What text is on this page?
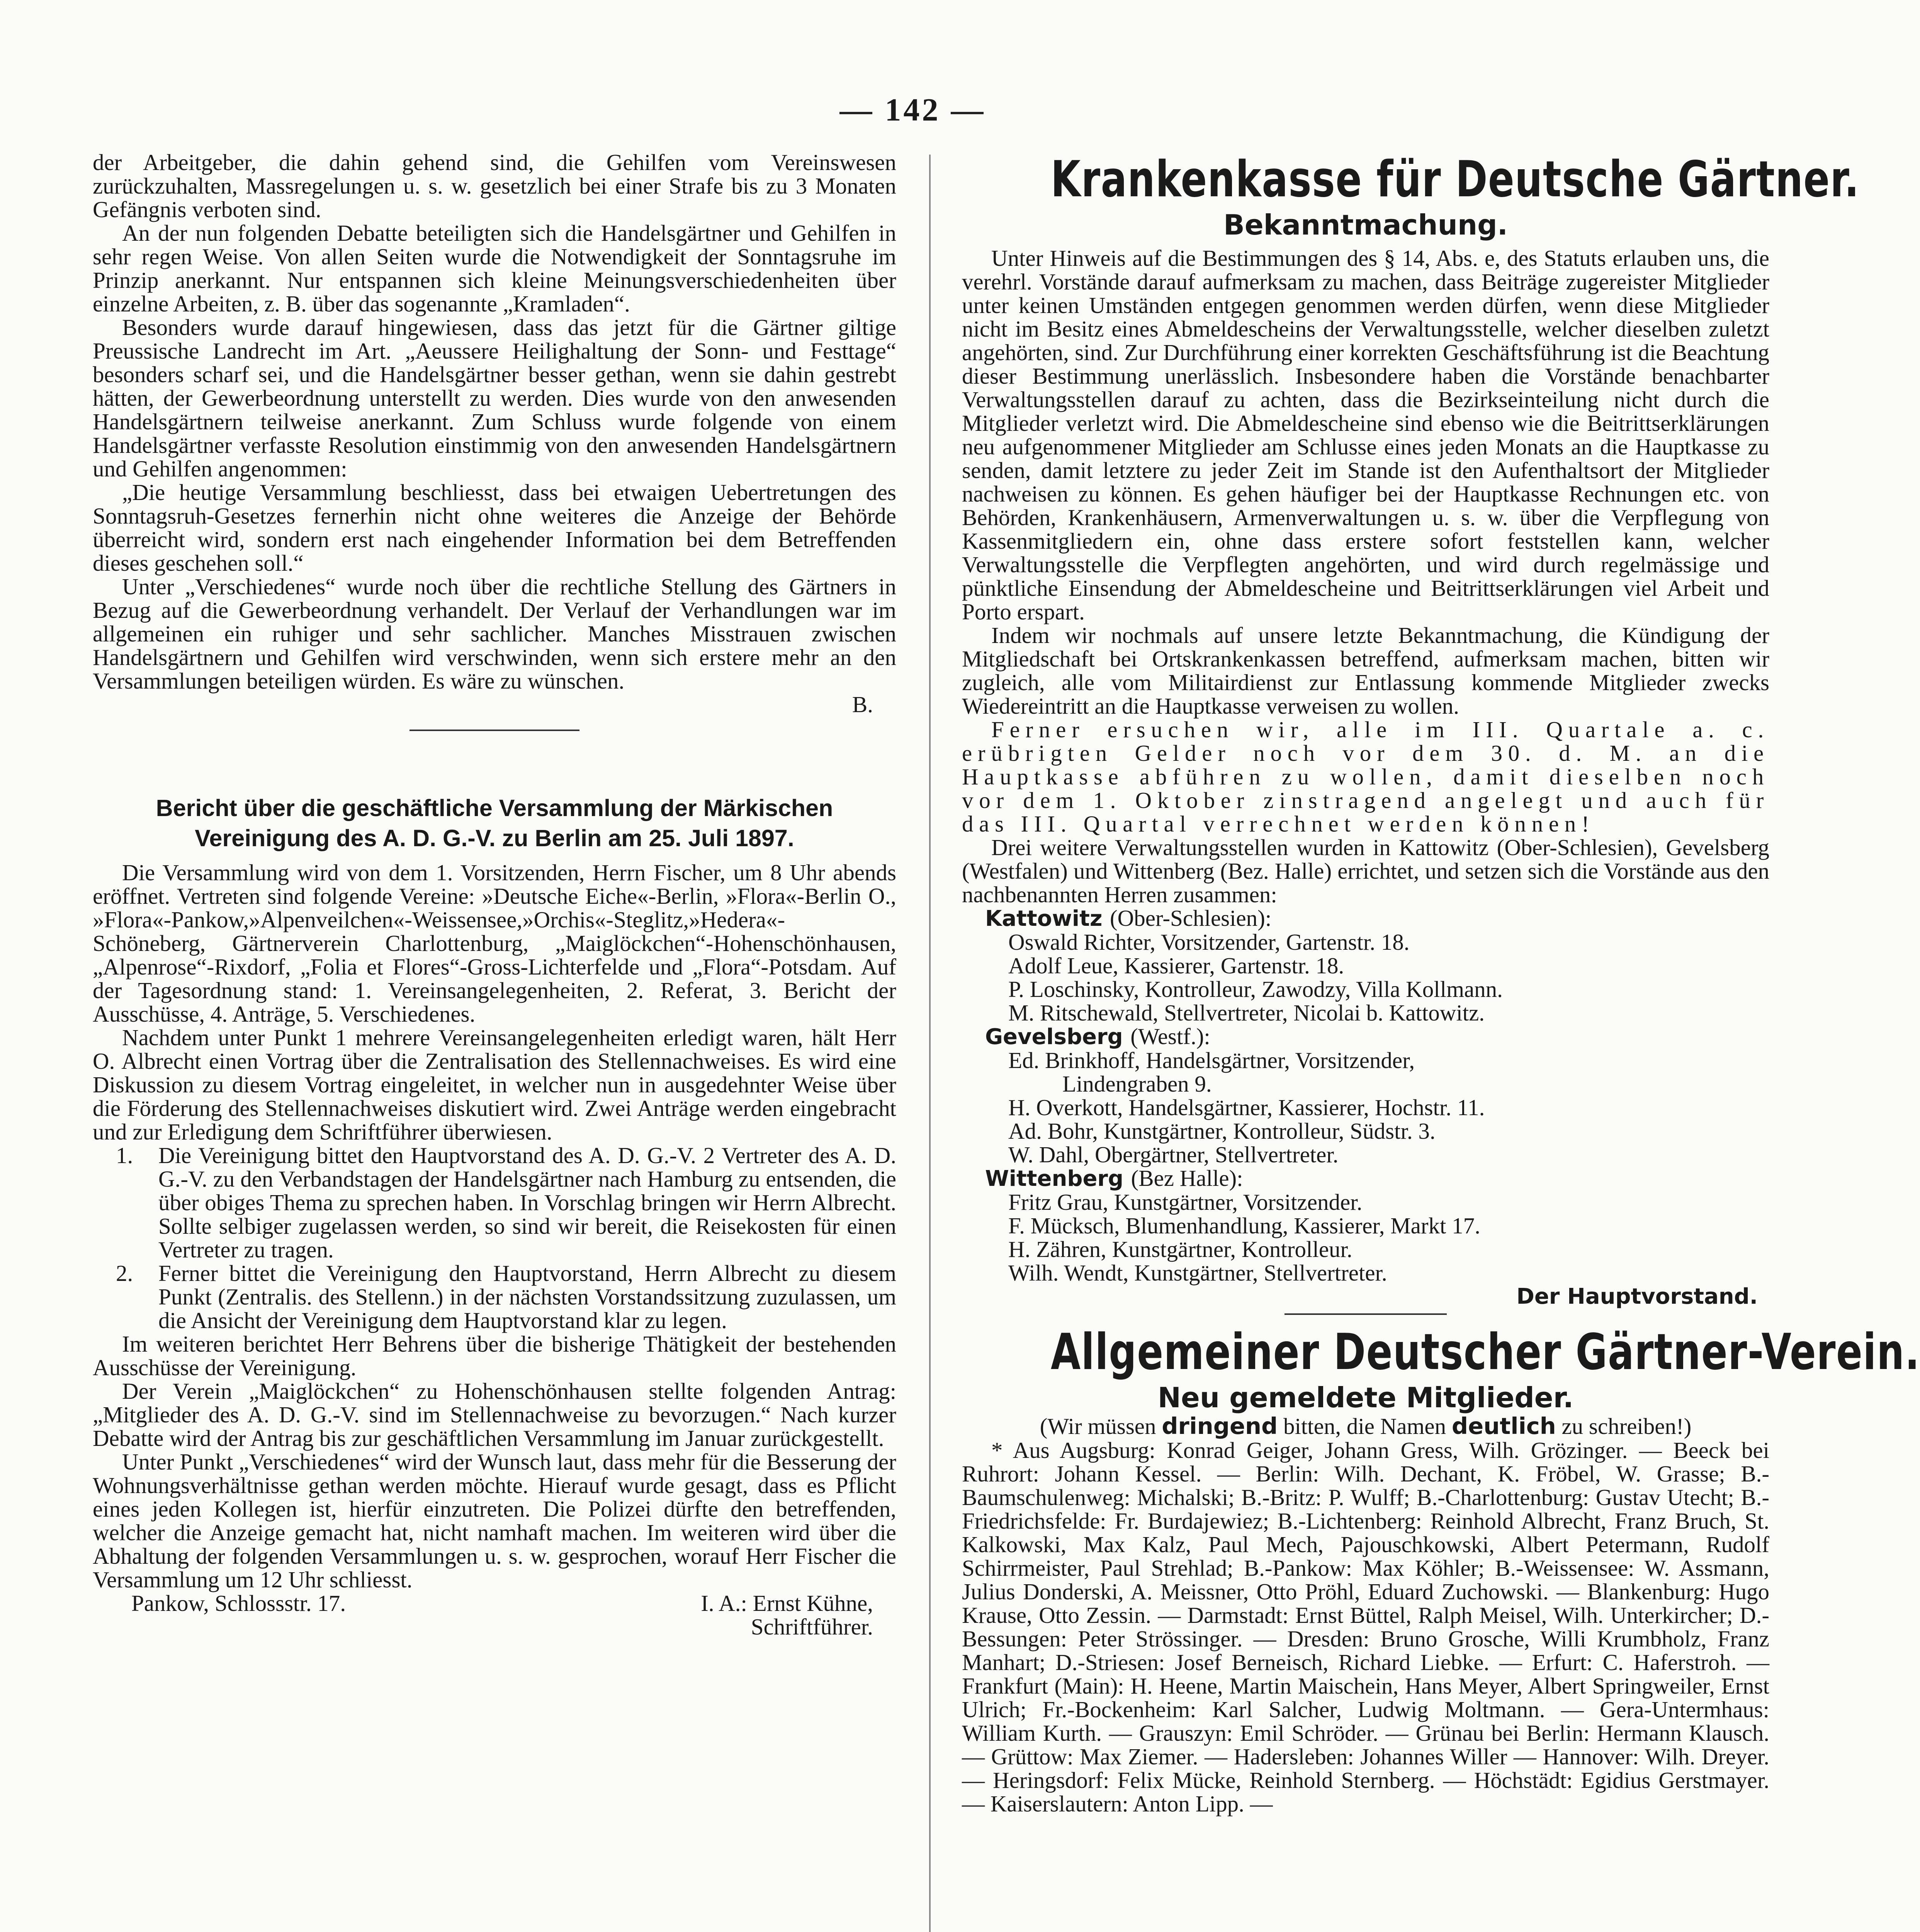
— 142 —

der Arbeitgeber, die dahin gehend sind, die Gehilfen vom Vereinswesen zurückzuhalten, Massregelungen u. s. w. gesetzlich bei einer Strafe bis zu 3 Monaten Gefängnis verboten sind.

An der nun folgenden Debatte beteiligten sich die Handelsgärtner und Gehilfen in sehr regen Weise. Von allen Seiten wurde die Notwendigkeit der Sonntagsruhe im Prinzip anerkannt. Nur entspannen sich kleine Meinungsverschiedenheiten über einzelne Arbeiten, z. B. über das sogenannte „Kramladen“.

Besonders wurde darauf hingewiesen, dass das jetzt für die Gärtner giltige Preussische Landrecht im Art. „Aeussere Heilighaltung der Sonn- und Festtage“ besonders scharf sei, und die Handelsgärtner besser gethan, wenn sie dahin gestrebt hätten, der Gewerbeordnung unterstellt zu werden. Dies wurde von den anwesenden Handelsgärtnern teilweise anerkannt. Zum Schluss wurde folgende von einem Handelsgärtner verfasste Resolution einstimmig von den anwesenden Handelsgärtnern und Gehilfen angenommen:

„Die heutige Versammlung beschliesst, dass bei etwaigen Uebertretungen des Sonntagsruh-Gesetzes fernerhin nicht ohne weiteres die Anzeige der Behörde überreicht wird, sondern erst nach eingehender Information bei dem Betreffenden dieses geschehen soll.“

Unter „Verschiedenes“ wurde noch über die rechtliche Stellung des Gärtners in Bezug auf die Gewerbeordnung verhandelt. Der Verlauf der Verhandlungen war im allgemeinen ein ruhiger und sehr sachlicher. Manches Misstrauen zwischen Handelsgärtnern und Gehilfen wird verschwinden, wenn sich erstere mehr an den Versammlungen beteiligen würden. Es wäre zu wünschen.

B.
Bericht über die geschäftliche Versammlung der Märkischen Vereinigung des A. D. G.-V. zu Berlin am 25. Juli 1897.

Die Versammlung wird von dem 1. Vorsitzenden, Herrn Fischer, um 8 Uhr abends eröffnet. Vertreten sind folgende Vereine: »Deutsche Eiche«-Berlin, »Flora«-Berlin O., »Flora«-Pankow,»Alpenveilchen«-Weissensee,»Orchis«-Steglitz,»Hedera«-Schöneberg, Gärtnerverein Charlottenburg, „Maiglöckchen“-Hohenschönhausen, „Alpenrose“-Rixdorf, „Folia et Flores“-Gross-Lichterfelde und „Flora“-Potsdam. Auf der Tagesordnung stand: 1. Vereinsangelegenheiten, 2. Referat, 3. Bericht der Ausschüsse, 4. Anträge, 5. Verschiedenes.

Nachdem unter Punkt 1 mehrere Vereinsangelegenheiten erledigt waren, hält Herr O. Albrecht einen Vortrag über die Zentralisation des Stellennachweises. Es wird eine Diskussion zu diesem Vortrag eingeleitet, in welcher nun in ausgedehnter Weise über die Förderung des Stellennachweises diskutiert wird. Zwei Anträge werden eingebracht und zur Erledigung dem Schriftführer überwiesen.

1.	Die Vereinigung bittet den Hauptvorstand des A. D. G.-V. 2 Vertreter des A. D. G.-V. zu den Verbandstagen der Handelsgärtner nach Hamburg zu entsenden, die über obiges Thema zu sprechen haben. In Vorschlag bringen wir Herrn Albrecht. Sollte selbiger zugelassen werden, so sind wir bereit, die Reisekosten für einen Vertreter zu tragen.
2.	Ferner bittet die Vereinigung den Hauptvorstand, Herrn Albrecht zu diesem Punkt (Zentralis. des Stellenn.) in der nächsten Vorstandssitzung zuzulassen, um die Ansicht der Vereinigung dem Hauptvorstand klar zu legen.

Im weiteren berichtet Herr Behrens über die bisherige Thätigkeit der bestehenden Ausschüsse der Vereinigung.

Der Verein „Maiglöckchen“ zu Hohenschönhausen stellte folgenden Antrag: „Mitglieder des A. D. G.-V. sind im Stellennachweise zu bevorzugen.“ Nach kurzer Debatte wird der Antrag bis zur geschäftlichen Versammlung im Januar zurückgestellt.

Unter Punkt „Verschiedenes“ wird der Wunsch laut, dass mehr für die Besserung der Wohnungsverhältnisse gethan werden möchte. Hierauf wurde gesagt, dass es Pflicht eines jeden Kollegen ist, hierfür einzutreten. Die Polizei dürfte den betreffenden, welcher die Anzeige gemacht hat, nicht namhaft machen. Im weiteren wird über die Abhaltung der folgenden Versammlungen u. s. w. gesprochen, worauf Herr Fischer die Versammlung um 12 Uhr schliesst.

Pankow, Schlossstr. 17.	I. A.: Ernst Kühne,
Schriftführer.
Krankenkasse für Deutsche Gärtner.
Bekanntmachung.

Unter Hinweis auf die Bestimmungen des § 14, Abs. e, des Statuts erlauben uns, die verehrl. Vorstände darauf aufmerksam zu machen, dass Beiträge zugereister Mitglieder unter keinen Umständen entgegen genommen werden dürfen, wenn diese Mitglieder nicht im Besitz eines Abmeldescheins der Verwaltungsstelle, welcher dieselben zuletzt angehörten, sind. Zur Durchführung einer korrekten Geschäftsführung ist die Beachtung dieser Bestimmung unerlässlich. Insbesondere haben die Vorstände benachbarter Verwaltungsstellen darauf zu achten, dass die Bezirkseinteilung nicht durch die Mitglieder verletzt wird. Die Abmeldescheine sind ebenso wie die Beitrittserklärungen neu aufgenommener Mitglieder am Schlusse eines jeden Monats an die Hauptkasse zu senden, damit letztere zu jeder Zeit im Stande ist den Aufenthaltsort der Mitglieder nachweisen zu können. Es gehen häufiger bei der Hauptkasse Rechnungen etc. von Behörden, Krankenhäusern, Armenverwaltungen u. s. w. über die Verpflegung von Kassenmitgliedern ein, ohne dass erstere sofort feststellen kann, welcher Verwaltungsstelle die Verpflegten angehörten, und wird durch regelmässige und pünktliche Einsendung der Abmeldescheine und Beitrittserklärungen viel Arbeit und Porto erspart.

Indem wir nochmals auf unsere letzte Bekanntmachung, die Kündigung der Mitgliedschaft bei Ortskrankenkassen betreffend, aufmerksam machen, bitten wir zugleich, alle vom Militairdienst zur Entlassung kommende Mitglieder zwecks Wiedereintritt an die Hauptkasse verweisen zu wollen.

Ferner ersuchen wir, alle im III. Quartale a. c. erübrigten Gelder noch vor dem 30. d. M. an die Hauptkasse abführen zu wollen, damit dieselben noch vor dem 1. Oktober zinstragend angelegt und auch für das III. Quartal verrechnet werden können!

Drei weitere Verwaltungsstellen wurden in Kattowitz (Ober-Schlesien), Gevelsberg (Westfalen) und Wittenberg (Bez. Halle) errichtet, und setzen sich die Vorstände aus den nachbenannten Herren zusammen:

Kattowitz (Ober-Schlesien):
Oswald Richter, Vorsitzender, Gartenstr. 18.
Adolf Leue, Kassierer, Gartenstr. 18.
P. Loschinsky, Kontrolleur, Zawodzy, Villa Kollmann.
M. Ritschewald, Stellvertreter, Nicolai b. Kattowitz.
Gevelsberg (Westf.):
Ed. Brinkhoff, Handelsgärtner, Vorsitzender,
Lindengraben 9.
H. Overkott, Handelsgärtner, Kassierer, Hochstr. 11.
Ad. Bohr, Kunstgärtner, Kontrolleur, Südstr. 3.
W. Dahl, Obergärtner, Stellvertreter.
Wittenberg (Bez Halle):
Fritz Grau, Kunstgärtner, Vorsitzender.
F. Mücksch, Blumenhandlung, Kassierer, Markt 17.
H. Zähren, Kunstgärtner, Kontrolleur.
Wilh. Wendt, Kunstgärtner, Stellvertreter.
Der Hauptvorstand.
Allgemeiner Deutscher Gärtner-Verein.
Neu gemeldete Mitglieder.
(Wir müssen dringend bitten, die Namen deutlich zu schreiben!)

* Aus Augsburg: Konrad Geiger, Johann Gress, Wilh. Grözinger. — Beeck bei Ruhrort: Johann Kessel. — Berlin: Wilh. Dechant, K. Fröbel, W. Grasse; B.-Baumschulenweg: Michalski; B.-Britz: P. Wulff; B.-Charlottenburg: Gustav Utecht; B.-Friedrichsfelde: Fr. Burdajewiez; B.-Lichtenberg: Reinhold Albrecht, Franz Bruch, St. Kalkowski, Max Kalz, Paul Mech, Pajouschkowski, Albert Petermann, Rudolf Schirrmeister, Paul Strehlad; B.-Pankow: Max Köhler; B.-Weissensee: W. Assmann, Julius Donderski, A. Meissner, Otto Pröhl, Eduard Zuchowski. — Blankenburg: Hugo Krause, Otto Zessin. — Darmstadt: Ernst Büttel, Ralph Meisel, Wilh. Unterkircher; D.-Bessungen: Peter Strössinger. — Dresden: Bruno Grosche, Willi Krumbholz, Franz Manhart; D.-Striesen: Josef Berneisch, Richard Liebke. — Erfurt: C. Haferstroh. — Frankfurt (Main): H. Heene, Martin Maischein, Hans Meyer, Albert Springweiler, Ernst Ulrich; Fr.-Bockenheim: Karl Salcher, Ludwig Moltmann. — Gera-Untermhaus: William Kurth. — Grauszyn: Emil Schröder. — Grünau bei Berlin: Hermann Klausch. — Grüttow: Max Ziemer. — Hadersleben: Johannes Willer — Hannover: Wilh. Dreyer. — Heringsdorf: Felix Mücke, Reinhold Sternberg. — Höchstädt: Egidius Gerstmayer. — Kaiserslautern: Anton Lipp. —
